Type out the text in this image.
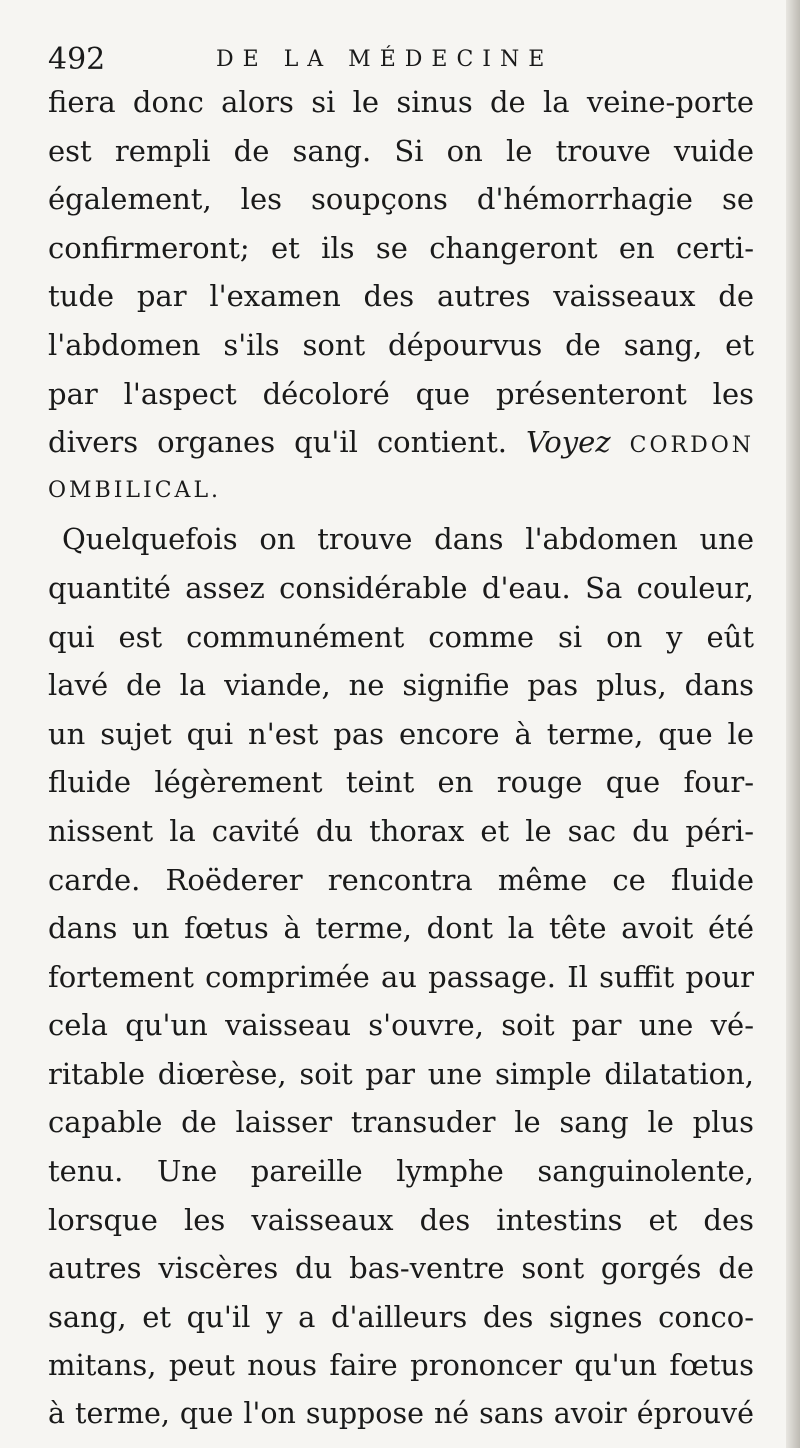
492	DE LA MÉDECINE
fiera donc alors si le sinus de la veine-porte
est rempli de sang. Si on le trouve vuide
également, les soupçons d'hémorrhagie se
confirmeront; et ils se changeront en certi-
tude par l'examen des autres vaisseaux de
l'abdomen s'ils sont dépourvus de sang, et
par l'aspect décoloré que présenteront les
divers organes qu'il contient. Voyez CORDON
OMBILICAL.
Quelquefois on trouve dans l'abdomen une
quantité assez considérable d'eau. Sa couleur,
qui est communément comme si on y eût
lavé de la viande, ne signifie pas plus, dans
un sujet qui n'est pas encore à terme, que le
fluide légèrement teint en rouge que four-
nissent la cavité du thorax et le sac du péri-
carde. Roëderer rencontra même ce fluide
dans un fœtus à terme, dont la tête avoit été
fortement comprimée au passage. Il suffit pour
cela qu'un vaisseau s'ouvre, soit par une vé-
ritable diœrèse, soit par une simple dilatation,
capable de laisser transuder le sang le plus
tenu. Une pareille lymphe sanguinolente,
lorsque les vaisseaux des intestins et des
autres viscères du bas-ventre sont gorgés de
sang, et qu'il y a d'ailleurs des signes conco-
mitans, peut nous faire prononcer qu'un fœtus
à terme, que l'on suppose né sans avoir éprouvé
